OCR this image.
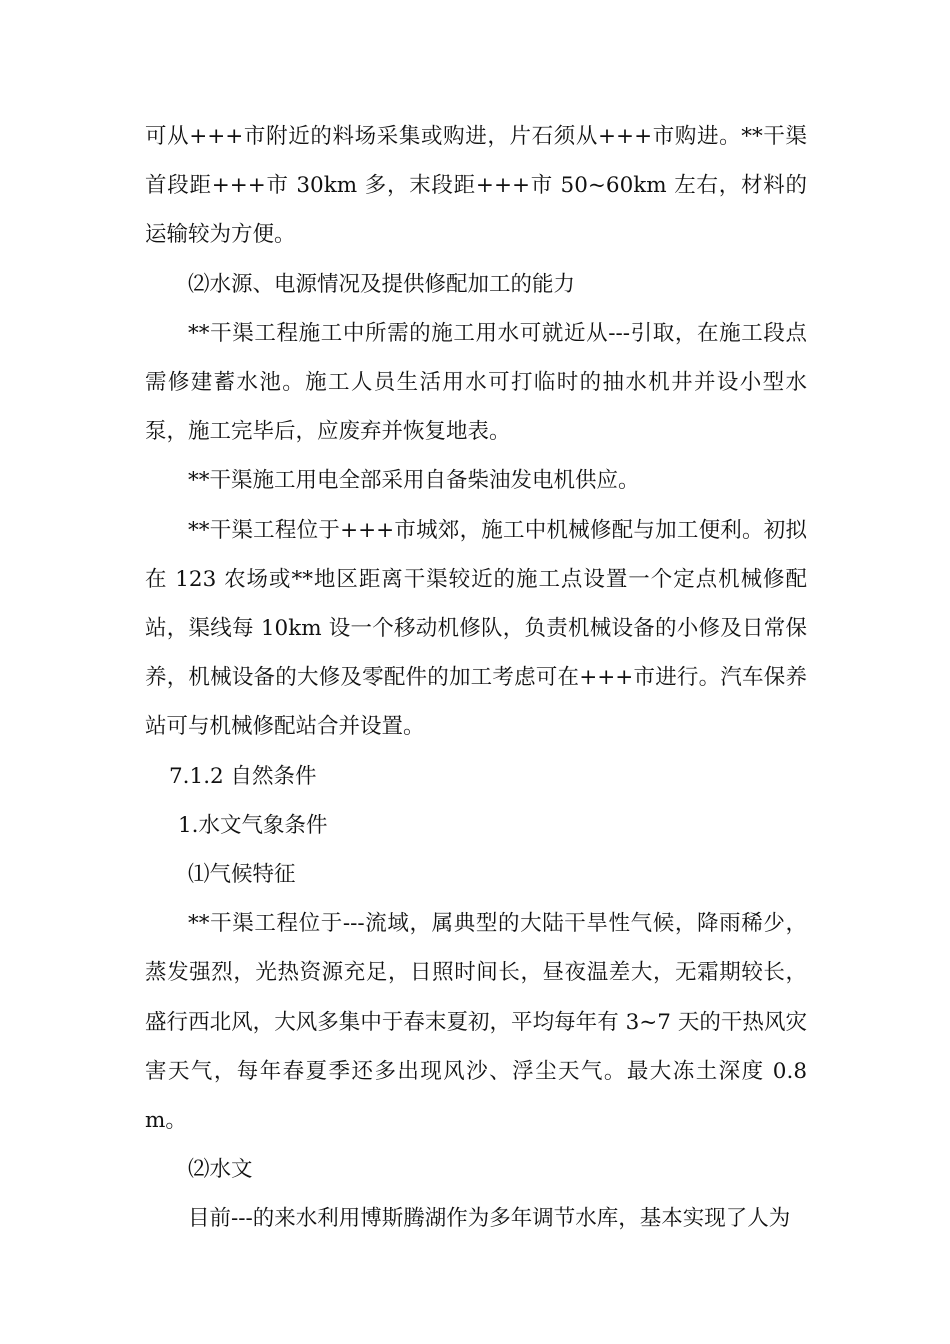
可从+++市附近的料场采集或购进，片石须从+++市购进。**干渠首段距+++市 30km 多，末段距+++市 50~60km 左右，材料的运输较为方便。

⑵水源、电源情况及提供修配加工的能力

**干渠工程施工中所需的施工用水可就近从---引取，在施工段点需修建蓄水池。施工人员生活用水可打临时的抽水机井并设小型水泵，施工完毕后，应废弃并恢复地表。

**干渠施工用电全部采用自备柴油发电机供应。

**干渠工程位于+++市城郊，施工中机械修配与加工便利。初拟在 123 农场或**地区距离干渠较近的施工点设置一个定点机械修配站，渠线每 10km 设一个移动机修队，负责机械设备的小修及日常保养，机械设备的大修及零配件的加工考虑可在+++市进行。汽车保养站可与机械修配站合并设置。

7.1.2 自然条件

1.水文气象条件

⑴气候特征

**干渠工程位于---流域，属典型的大陆干旱性气候，降雨稀少，蒸发强烈，光热资源充足，日照时间长，昼夜温差大，无霜期较长，盛行西北风，大风多集中于春末夏初，平均每年有 3~7 天的干热风灾害天气，每年春夏季还多出现风沙、浮尘天气。最大冻土深度 0.8m。

⑵水文

目前---的来水利用博斯腾湖作为多年调节水库，基本实现了人为
